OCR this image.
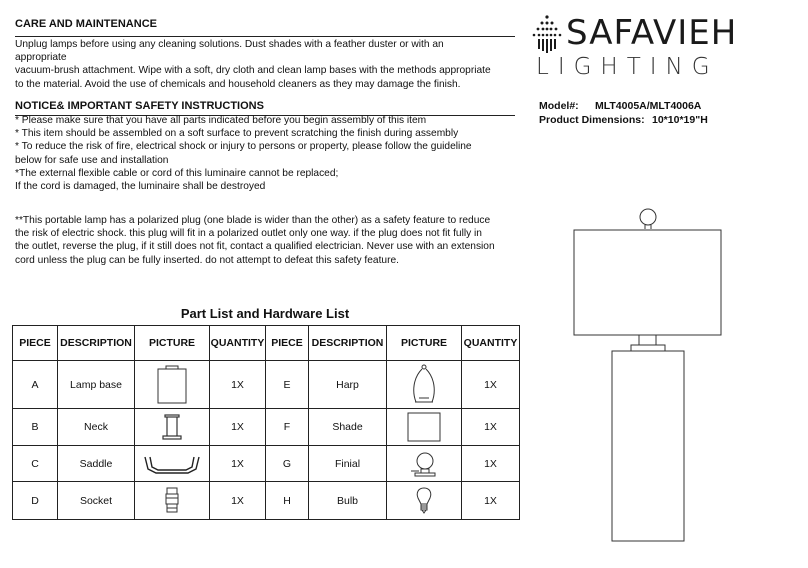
CARE AND MAINTENANCE
Unplug lamps before using any cleaning solutions. Dust shades with a feather duster or with an
appropriate
vacuum-brush attachment. Wipe with a soft, dry cloth and clean lamp bases with the methods appropriate
to the material. Avoid the use of chemicals and household cleaners as they may damage the finish.
NOTICE& IMPORTANT SAFETY INSTRUCTIONS
* Please make sure that you have all parts indicated before you begin assembly of this item
* This item should be assembled on a soft surface to prevent scratching the finish during assembly
* To reduce the risk of fire, electrical shock or injury to persons or property, please follow the guideline
below for safe use and installation
*The external flexible cable or cord of this luminaire cannot be replaced;
If the cord is damaged, the luminaire shall be destroyed
**This portable lamp has a polarized plug (one blade is wider than the other) as a safety feature to reduce
the risk of electric shock. this plug will fit in a polarized outlet only one way. if the plug does not fit fully in
the outlet, reverse the plug, if it still does not fit, contact a qualified electrician. Never use with an extension
cord unless the plug can be fully inserted. do not attempt to defeat this safety feature.
SAFAVIEH
LIGHTING
Model#: MLT4005A/MLT4006A
Product Dimensions: 10*10*19"H
Part List and Hardware List
PIECE	DESCRIPTION	PICTURE	QUANTITY	PIECE	DESCRIPTION	PICTURE	QUANTITY
A	Lamp base		1X	E	Harp		1X
B	Neck		1X	F	Shade		1X
C	Saddle		1X	G	Finial		1X
D	Socket		1X	H	Bulb		1X
